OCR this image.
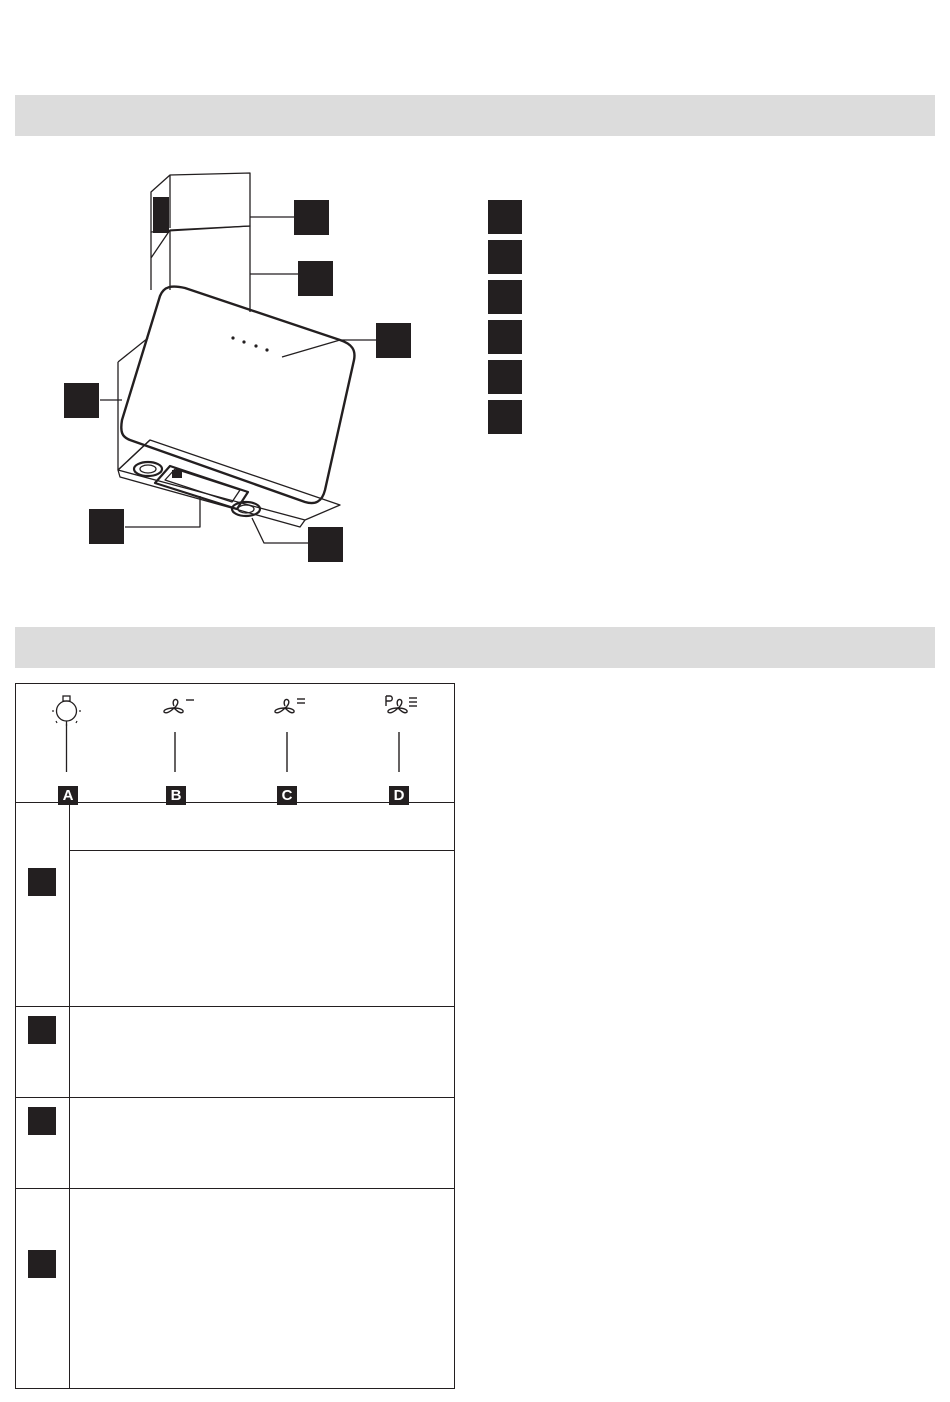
A	B	C	D
